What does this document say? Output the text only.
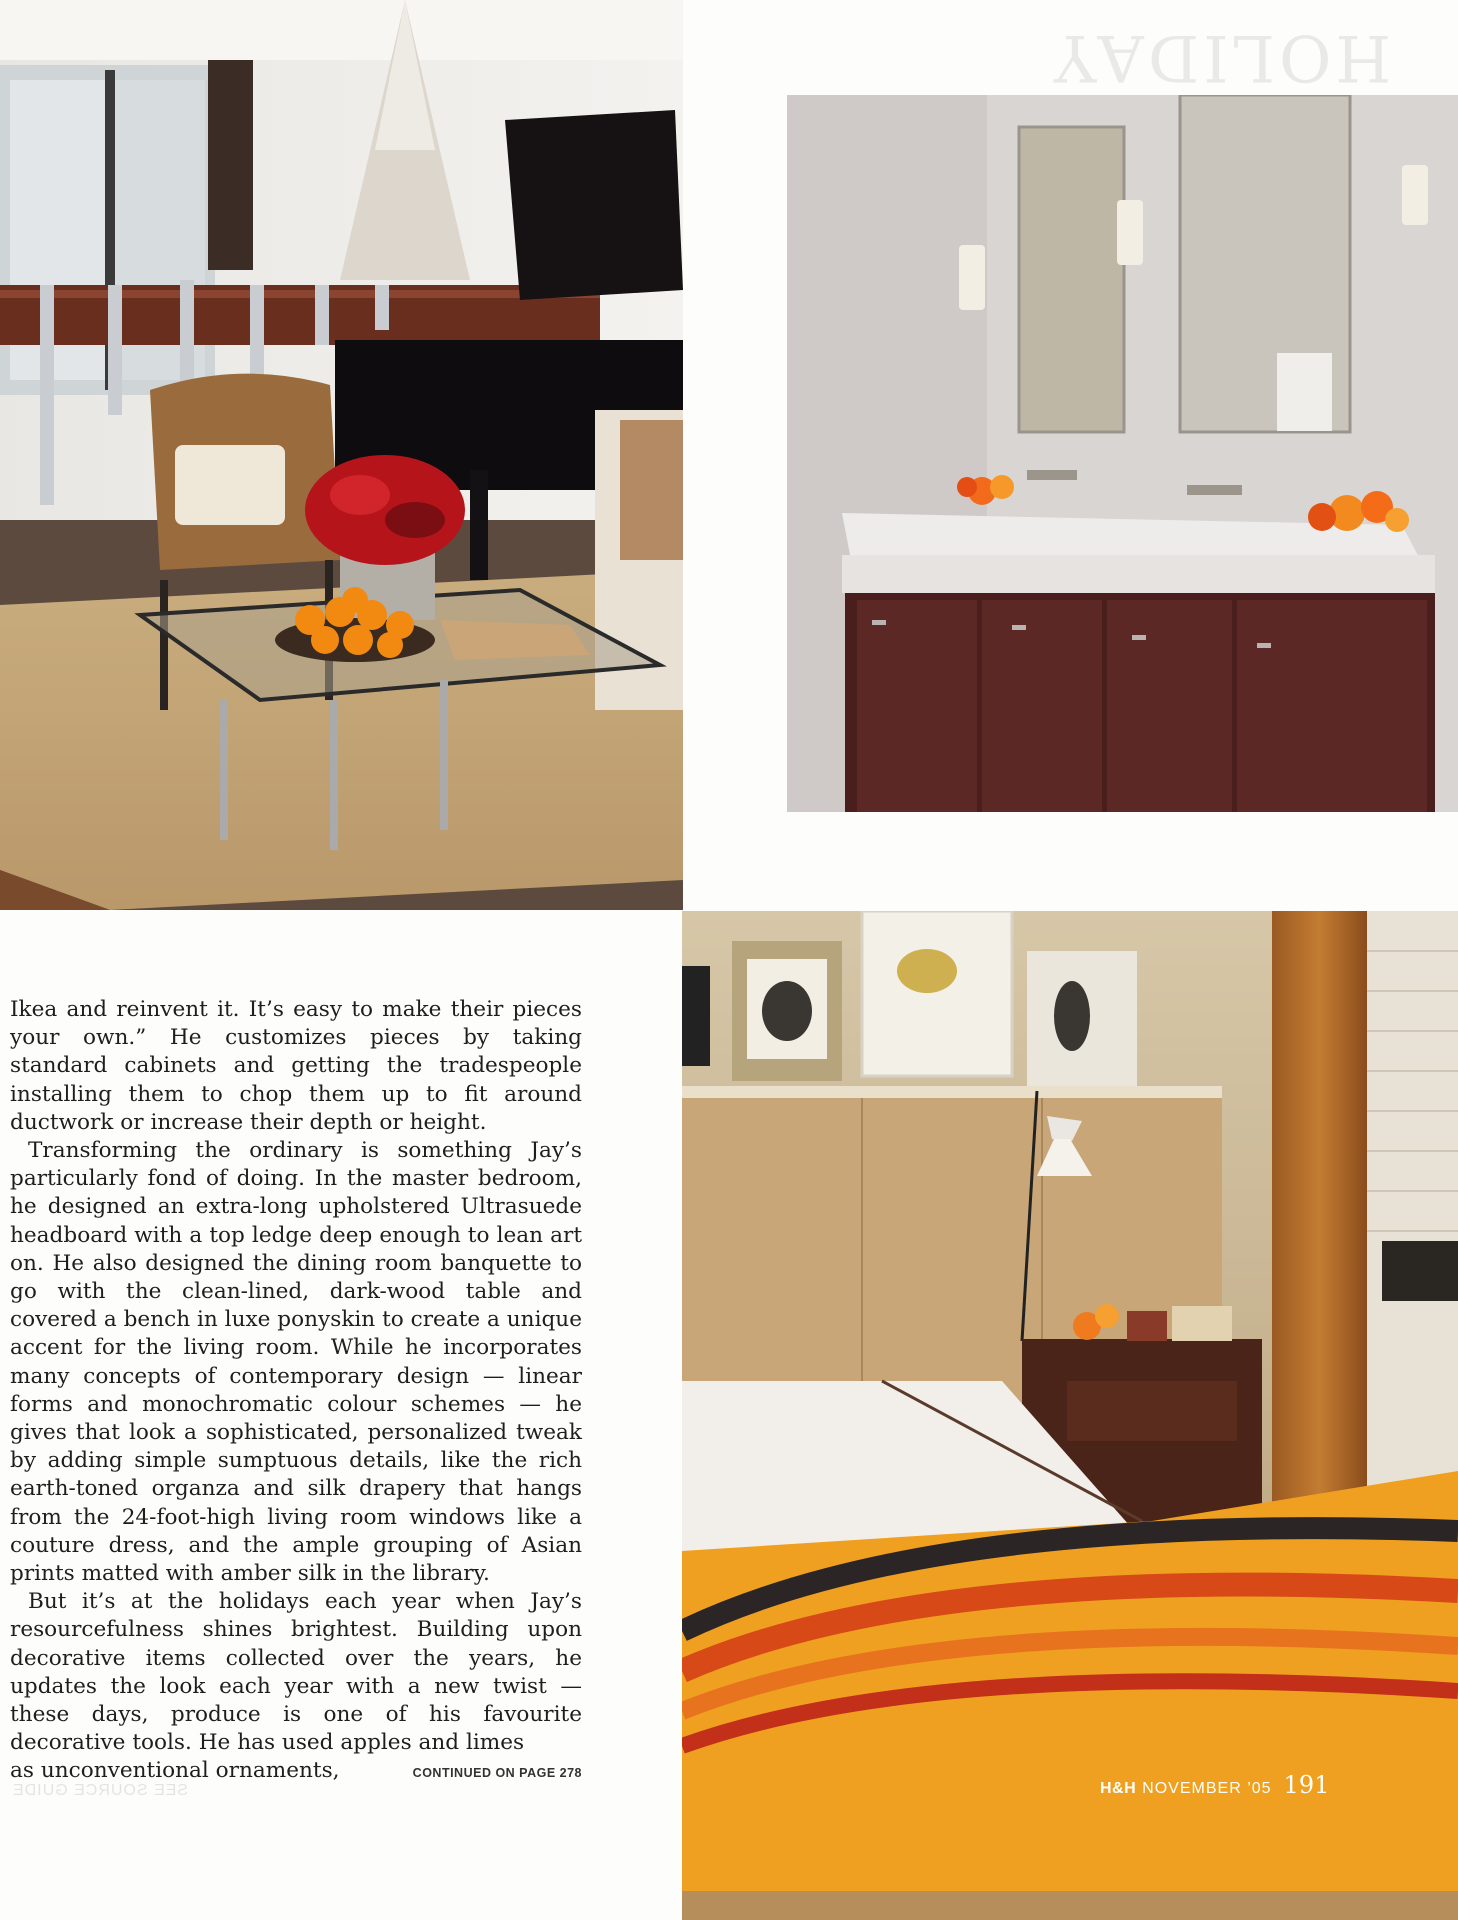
HOLIDAY

Ikea and reinvent it. It’s easy to make their pieces your own.” He customizes pieces by taking standard cabinets and getting the tradespeople installing them to chop them up to fit around ductwork or increase their depth or height.

Transforming the ordinary is something Jay’s particularly fond of doing. In the master bedroom, he designed an extra-long upholstered Ultrasuede headboard with a top ledge deep enough to lean art on. He also designed the dining room banquette to go with the clean-lined, dark-wood table and covered a bench in luxe ponyskin to create a unique accent for the living room. While he incorporates many concepts of contemporary design — linear forms and monochromatic colour schemes — he gives that look a sophisticated, personalized tweak by adding simple sumptuous details, like the rich earth-toned organza and silk drapery that hangs from the 24-foot-high living room windows like a couture dress, and the ample grouping of Asian prints matted with amber silk in the library.

But it’s at the holidays each year when Jay’s resourcefulness shines brightest. Building upon decorative items collected over the years, he updates the look each year with a new twist — these days, produce is one of his favourite decorative tools. He has used apples and limes

as unconventional ornaments,	CONTINUED ON PAGE 278
SEE SOURCE GUIDE	H&H NOVEMBER ’05 191
